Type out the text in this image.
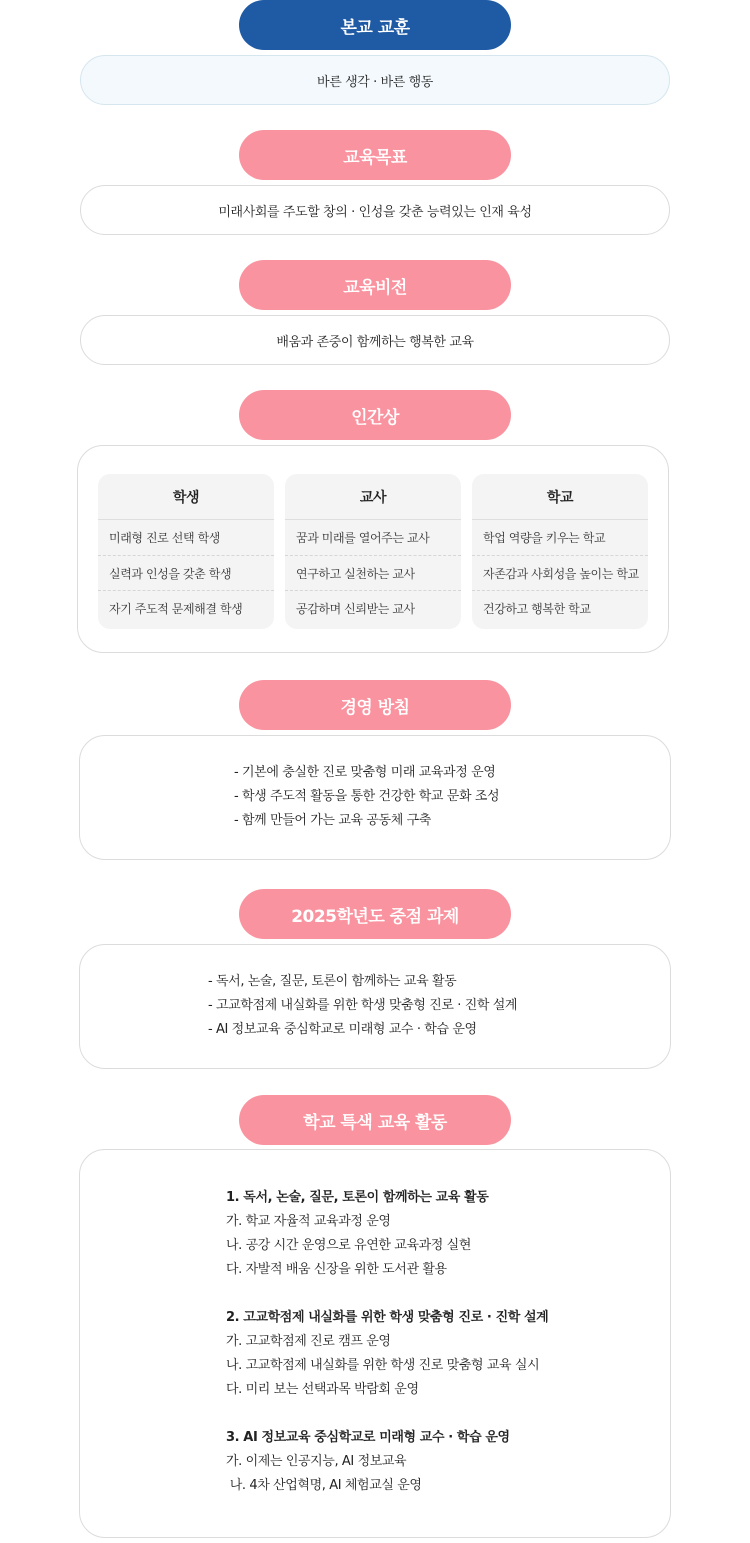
본교 교훈
바른 생각 · 바른 행동
교육목표
미래사회를 주도할 창의 · 인성을 갖춘 능력있는 인재 육성
교육비전
배움과 존중이 함께하는 행복한 교육
인간상
학생
미래형 진로 선택 학생
실력과 인성을 갖춘 학생
자기 주도적 문제해결 학생
교사
꿈과 미래를 열어주는 교사
연구하고 실천하는 교사
공감하며 신뢰받는 교사
학교
학업 역량을 키우는 학교
자존감과 사회성을 높이는 학교
건강하고 행복한 학교
경영 방침
- 기본에 충실한 진로 맞춤형 미래 교육과정 운영
- 학생 주도적 활동을 통한 건강한 학교 문화 조성
- 함께 만들어 가는 교육 공동체 구축
2025학년도 중점 과제
- 독서, 논술, 질문, 토론이 함께하는 교육 활동
- 고교학점제 내실화를 위한 학생 맞춤형 진로 · 진학 설계
- AI 정보교육 중심학교로 미래형 교수 · 학습 운영
학교 특색 교육 활동
1. 독서, 논술, 질문, 토론이 함께하는 교육 활동
가. 학교 자율적 교육과정 운영
나. 공강 시간 운영으로 유연한 교육과정 실현
다. 자발적 배움 신장을 위한 도서관 활용
2. 고교학점제 내실화를 위한 학생 맞춤형 진로 · 진학 설계
가. 고교학점제 진로 캠프 운영
나. 고교학점제 내실화를 위한 학생 진로 맞춤형 교육 실시
다. 미리 보는 선택과목 박람회 운영
3. AI 정보교육 중심학교로 미래형 교수 · 학습 운영
가. 이제는 인공지능, AI 정보교육
나. 4차 산업혁명, AI 체험교실 운영
